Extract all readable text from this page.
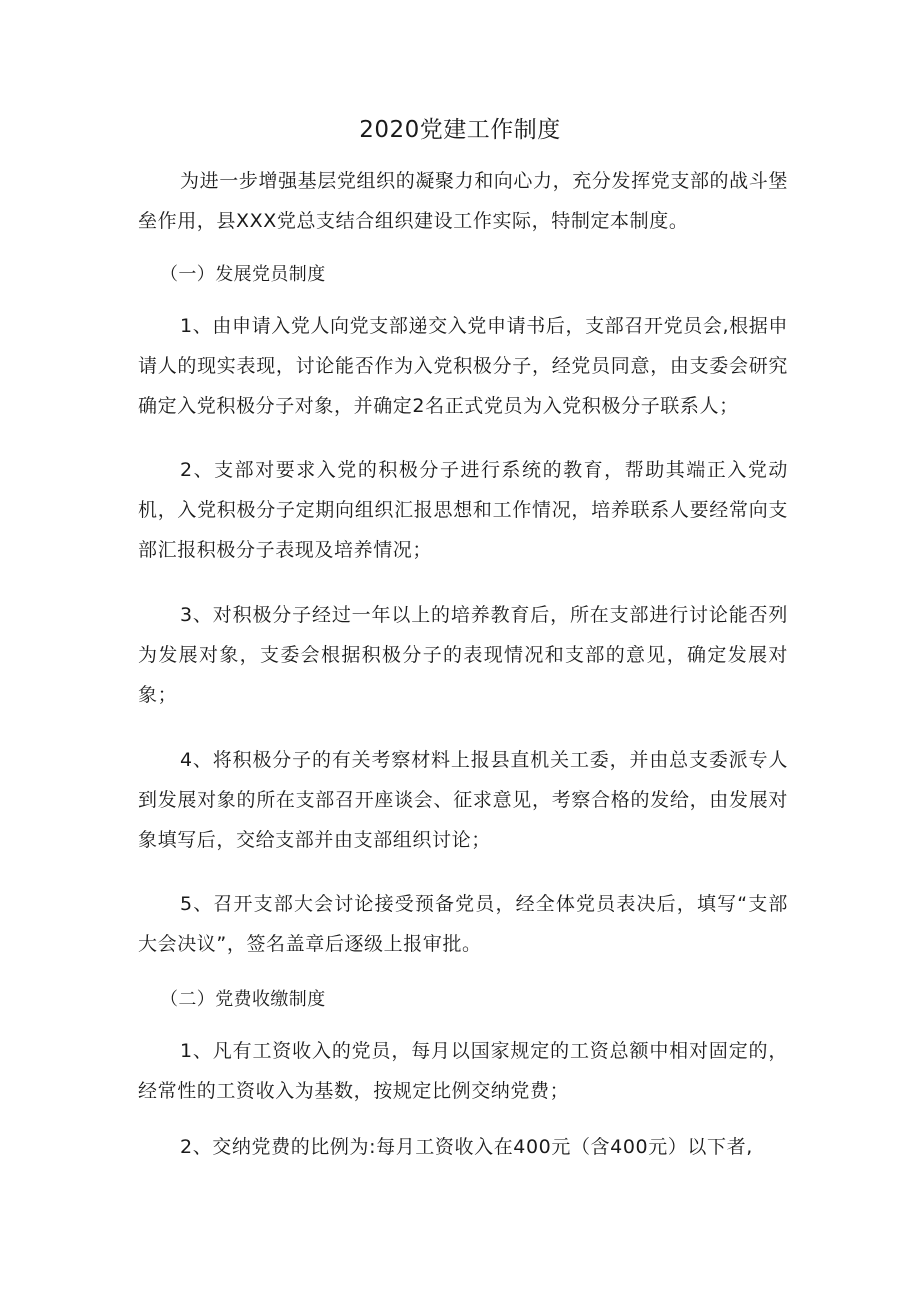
2020党建工作制度

为进一步增强基层党组织的凝聚力和向心力，充分发挥党支部的战斗堡垒作用，县XXX党总支结合组织建设工作实际，特制定本制度。

（一）发展党员制度

1、由申请入党人向党支部递交入党申请书后，支部召开党员会,根据申请人的现实表现，讨论能否作为入党积极分子，经党员同意，由支委会研究确定入党积极分子对象，并确定2名正式党员为入党积极分子联系人；

2、支部对要求入党的积极分子进行系统的教育，帮助其端正入党动机，入党积极分子定期向组织汇报思想和工作情况，培养联系人要经常向支部汇报积极分子表现及培养情况；

3、对积极分子经过一年以上的培养教育后，所在支部进行讨论能否列为发展对象，支委会根据积极分子的表现情况和支部的意见，确定发展对象；

4、将积极分子的有关考察材料上报县直机关工委，并由总支委派专人到发展对象的所在支部召开座谈会、征求意见，考察合格的发给，由发展对象填写后，交给支部并由支部组织讨论；

5、召开支部大会讨论接受预备党员，经全体党员表决后，填写“支部大会决议”，签名盖章后逐级上报审批。

（二）党费收缴制度

1、凡有工资收入的党员，每月以国家规定的工资总额中相对固定的，经常性的工资收入为基数，按规定比例交纳党费；

2、交纳党费的比例为:每月工资收入在400元（含400元）以下者,
